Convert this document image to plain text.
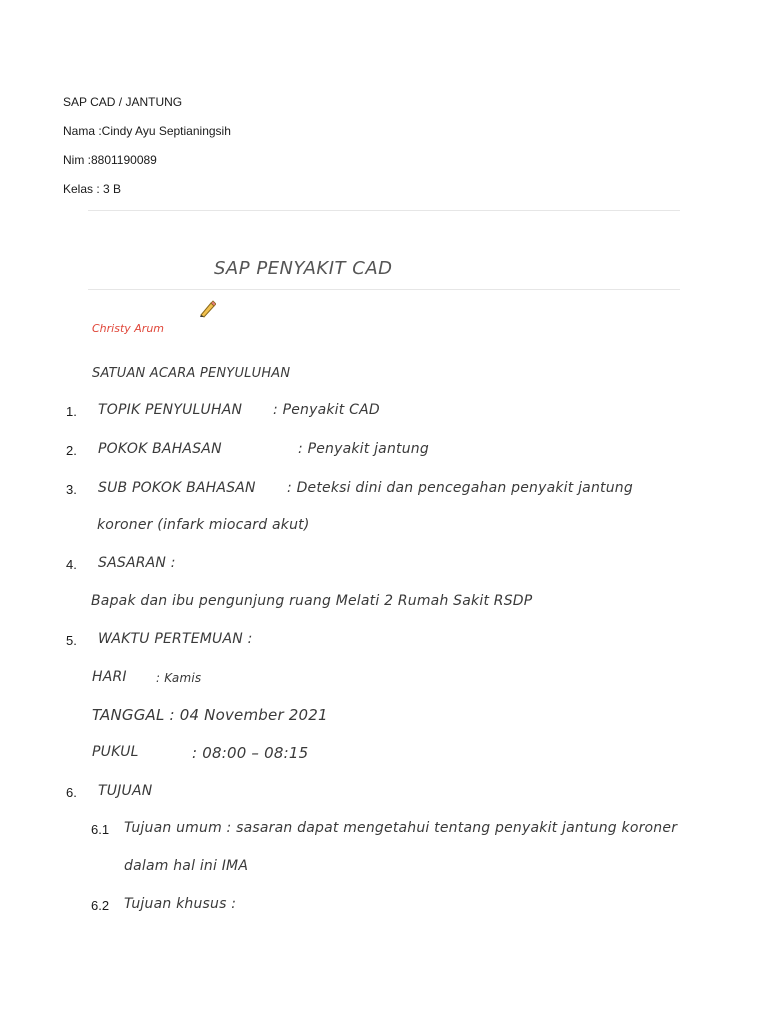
SAP CAD / JANTUNG
Nama :Cindy Ayu Septianingsih
Nim :8801190089
Kelas : 3 B
SAP PENYAKIT CAD
Christy Arum
SATUAN ACARA PENYULUHAN
1. TOPIK PENYULUHAN : Penyakit CAD
2. POKOK BAHASAN	: Penyakit jantung
3. SUB POKOK BAHASAN : Deteksi dini dan pencegahan penyakit jantung
koroner (infark miocard akut)
4. SASARAN :
Bapak dan ibu pengunjung ruang Melati 2 Rumah Sakit RSDP
5. WAKTU PERTEMUAN :
HARI : Kamis
TANGGAL : 04 November 2021
PUKUL	: 08:00 – 08:15
6. TUJUAN
6.1 Tujuan umum : sasaran dapat mengetahui tentang penyakit jantung koroner
dalam hal ini IMA
6.2 Tujuan khusus :
